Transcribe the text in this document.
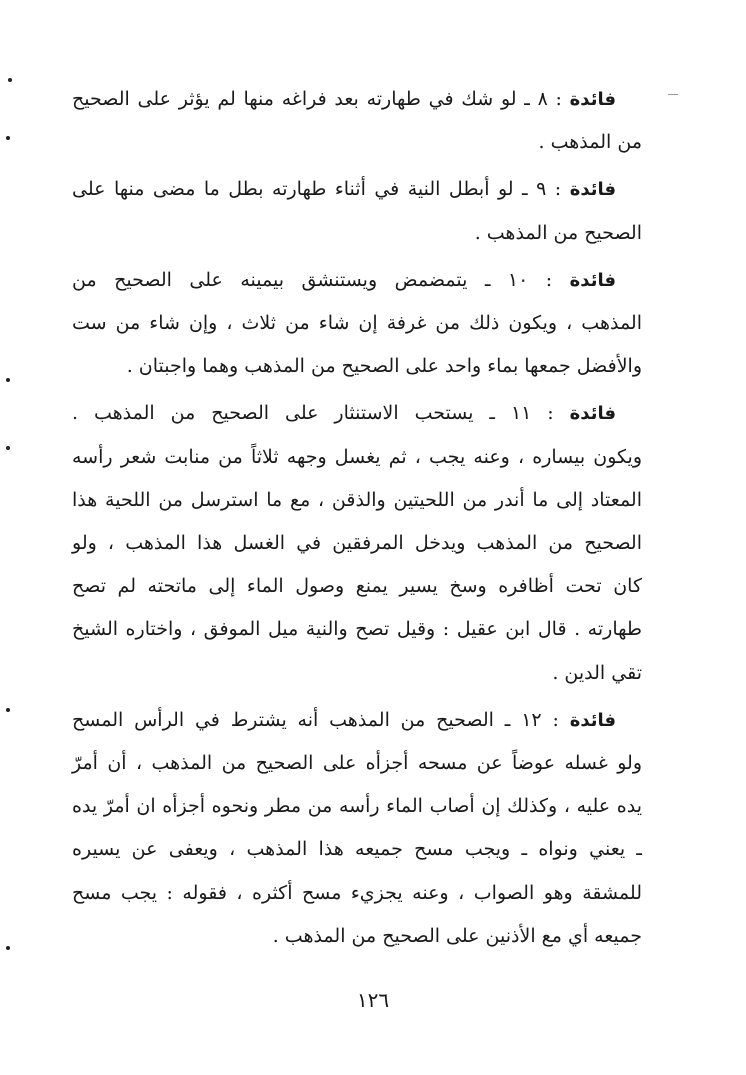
فائدة : ٨ ـ لو شك في طهارته بعد فراغه منها لم يؤثر على الصحيح
من المذهب .
فائدة : ٩ ـ لو أبطل النية في أثناء طهارته بطل ما مضى منها على
الصحيح من المذهب .
فائدة : ١٠ ـ يتمضمض ويستنشق بيمينه على الصحيح من
المذهب ، ويكون ذلك من غرفة إن شاء من ثلاث ، وإن شاء من ست
والأفضل جمعها بماء واحد على الصحيح من المذهب وهما واجبتان .
فائدة : ١١ ـ يستحب الاستنثار على الصحيح من المذهب .
ويكون بيساره ، وعنه يجب ، ثم يغسل وجهه ثلاثاً من منابت شعر رأسه
المعتاد إلى ما أندر من اللحيتين والذقن ، مع ما استرسل من اللحية هذا
الصحيح من المذهب ويدخل المرفقين في الغسل هذا المذهب ، ولو
كان تحت أظافره وسخ يسير يمنع وصول الماء إلى ماتحته لم تصح
طهارته . قال ابن عقيل : وقيل تصح والنية ميل الموفق ، واختاره الشيخ
تقي الدين .
فائدة : ١٢ ـ الصحيح من المذهب أنه يشترط في الرأس المسح
ولو غسله عوضاً عن مسحه أجزأه على الصحيح من المذهب ، أن أمرّ
يده عليه ، وكذلك إن أصاب الماء رأسه من مطر ونحوه أجزأه ان أمرّ يده
ـ يعني ونواه ـ ويجب مسح جميعه هذا المذهب ، ويعفى عن يسيره
للمشقة وهو الصواب ، وعنه يجزيء مسح أكثره ، فقوله : يجب مسح
جميعه أي مع الأذنين على الصحيح من المذهب .
١٢٦
